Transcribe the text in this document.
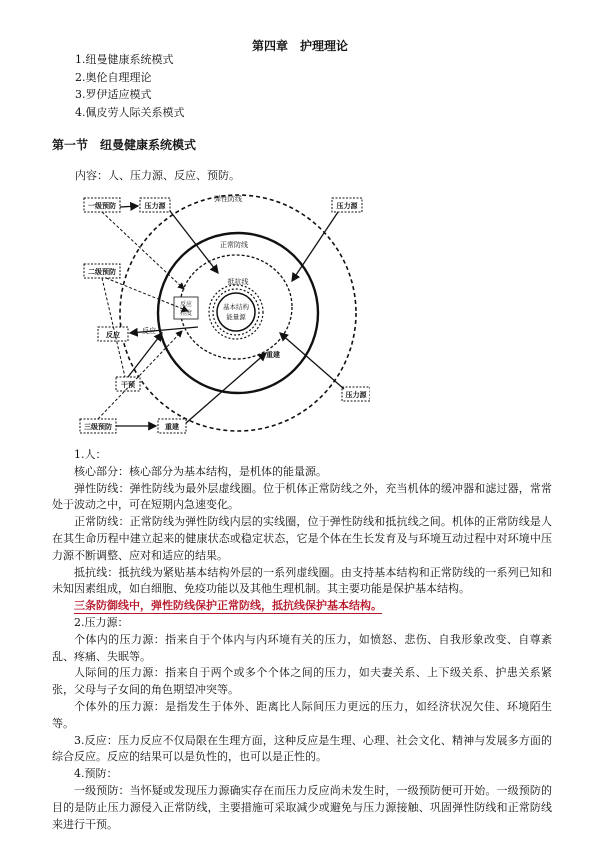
第四章　护理理论
1.纽曼健康系统模式
2.奥伦自理理论
3.罗伊适应模式
4.佩皮劳人际关系模式
第一节　纽曼健康系统模式
内容：人、压力源、反应、预防。
弹性防线
正常防线
抵抗线
基本结构
能量源
反应
程度
一级预防	压力源	压力源
二级预防
反应	反应
干预
三级预防	重建
重建
压力源

1.人：

核心部分：核心部分为基本结构，是机体的能量源。

弹性防线：弹性防线为最外层虚线圈。位于机体正常防线之外，充当机体的缓冲器和滤过器，常常处于波动之中，可在短期内急速变化。

正常防线：正常防线为弹性防线内层的实线圈，位于弹性防线和抵抗线之间。机体的正常防线是人在其生命历程中建立起来的健康状态或稳定状态，它是个体在生长发育及与环境互动过程中对环境中压力源不断调整、应对和适应的结果。

抵抗线：抵抗线为紧贴基本结构外层的一系列虚线圈。由支持基本结构和正常防线的一系列已知和未知因素组成，如白细胞、免疫功能以及其他生理机制。其主要功能是保护基本结构。

三条防御线中，弹性防线保护正常防线，抵抗线保护基本结构。

2.压力源：

个体内的压力源：指来自于个体内与内环境有关的压力，如愤怒、悲伤、自我形象改变、自尊紊乱、疼痛、失眠等。

人际间的压力源：指来自于两个或多个个体之间的压力，如夫妻关系、上下级关系、护患关系紧张，父母与子女间的角色期望冲突等。

个体外的压力源：是指发生于体外、距离比人际间压力更远的压力，如经济状况欠佳、环境陌生等。

3.反应：压力反应不仅局限在生理方面，这种反应是生理、心理、社会文化、精神与发展多方面的综合反应。反应的结果可以是负性的，也可以是正性的。

4.预防：

一级预防：当怀疑或发现压力源确实存在而压力反应尚未发生时，一级预防便可开始。一级预防的目的是防止压力源侵入正常防线，主要措施可采取减少或避免与压力源接触、巩固弹性防线和正常防线来进行干预。
